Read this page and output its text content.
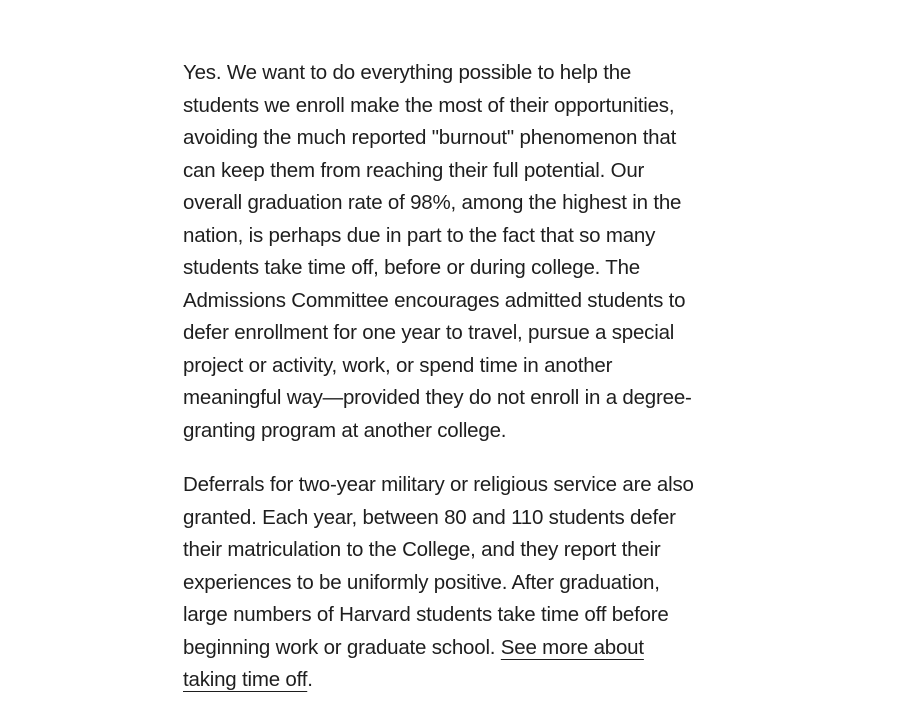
Yes. We want to do everything possible to help the
students we enroll make the most of their opportunities,
avoiding the much reported "burnout" phenomenon that
can keep them from reaching their full potential. Our
overall graduation rate of 98%, among the highest in the
nation, is perhaps due in part to the fact that so many
students take time off, before or during college. The
Admissions Committee encourages admitted students to
defer enrollment for one year to travel, pursue a special
project or activity, work, or spend time in another
meaningful way—provided they do not enroll in a degree-
granting program at another college.

Deferrals for two-year military or religious service are also
granted. Each year, between 80 and 110 students defer
their matriculation to the College, and they report their
experiences to be uniformly positive. After graduation,
large numbers of Harvard students take time off before
beginning work or graduate school. See more about
taking time off.
